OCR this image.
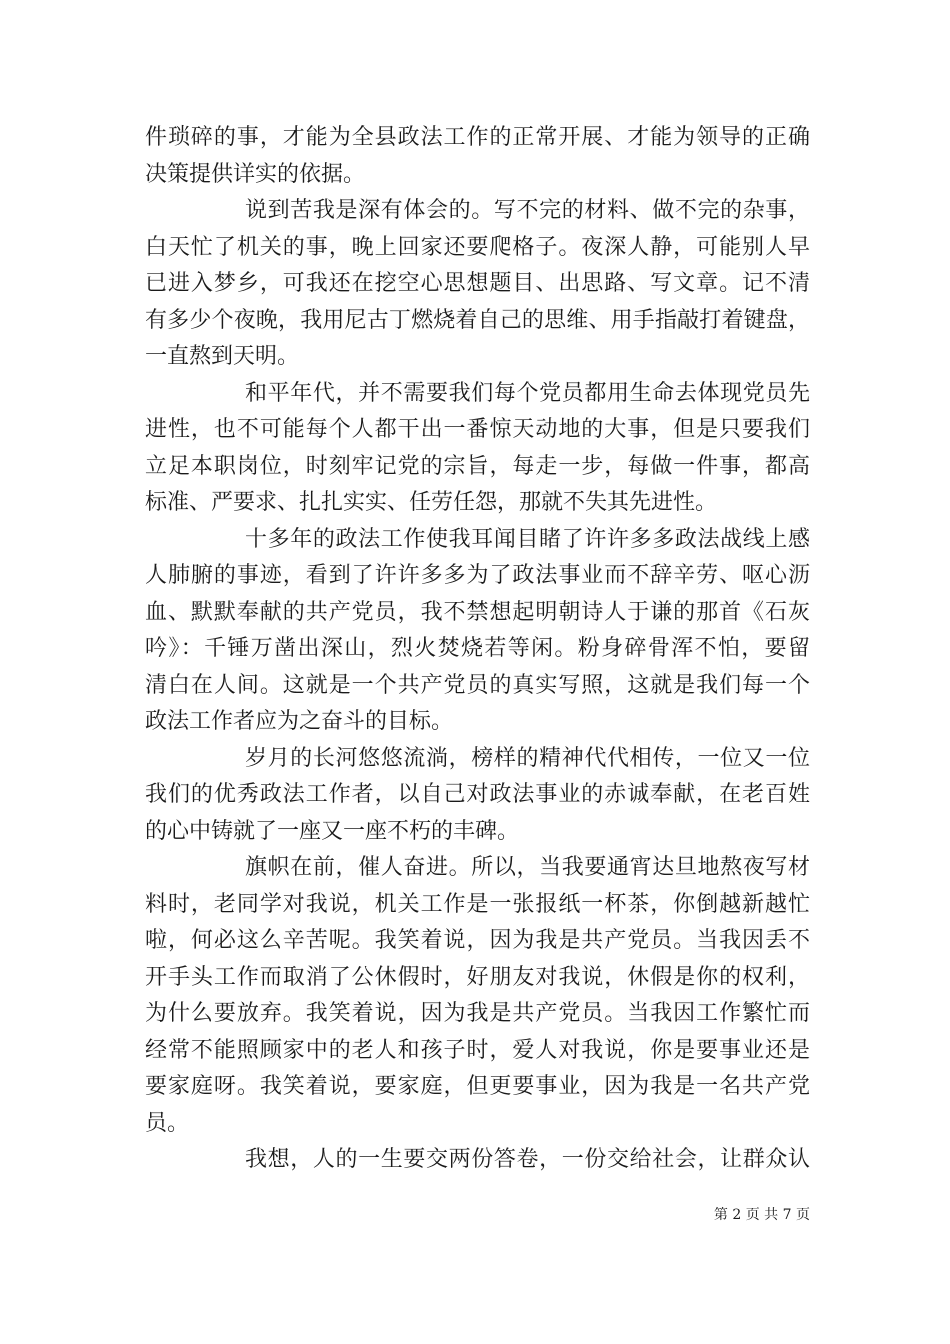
件琐碎的事，才能为全县政法工作的正常开展、才能为领导的正确
决策提供详实的依据。
说到苦我是深有体会的。写不完的材料、做不完的杂事，
白天忙了机关的事，晚上回家还要爬格子。夜深人静，可能别人早
已进入梦乡，可我还在挖空心思想题目、出思路、写文章。记不清
有多少个夜晚，我用尼古丁燃烧着自己的思维、用手指敲打着键盘，
一直熬到天明。
和平年代，并不需要我们每个党员都用生命去体现党员先
进性，也不可能每个人都干出一番惊天动地的大事，但是只要我们
立足本职岗位，时刻牢记党的宗旨，每走一步，每做一件事，都高
标准、严要求、扎扎实实、任劳任怨，那就不失其先进性。
十多年的政法工作使我耳闻目睹了许许多多政法战线上感
人肺腑的事迹，看到了许许多多为了政法事业而不辞辛劳、呕心沥
血、默默奉献的共产党员，我不禁想起明朝诗人于谦的那首《石灰
吟》：千锤万凿出深山，烈火焚烧若等闲。粉身碎骨浑不怕，要留
清白在人间。这就是一个共产党员的真实写照，这就是我们每一个
政法工作者应为之奋斗的目标。
岁月的长河悠悠流淌，榜样的精神代代相传，一位又一位
我们的优秀政法工作者，以自己对政法事业的赤诚奉献，在老百姓
的心中铸就了一座又一座不朽的丰碑。
旗帜在前，催人奋进。所以，当我要通宵达旦地熬夜写材
料时，老同学对我说，机关工作是一张报纸一杯茶，你倒越新越忙
啦，何必这么辛苦呢。我笑着说，因为我是共产党员。当我因丢不
开手头工作而取消了公休假时，好朋友对我说，休假是你的权利，
为什么要放弃。我笑着说，因为我是共产党员。当我因工作繁忙而
经常不能照顾家中的老人和孩子时，爱人对我说，你是要事业还是
要家庭呀。我笑着说，要家庭，但更要事业，因为我是一名共产党
员。
我想，人的一生要交两份答卷，一份交给社会，让群众认
第 2 页 共 7 页
